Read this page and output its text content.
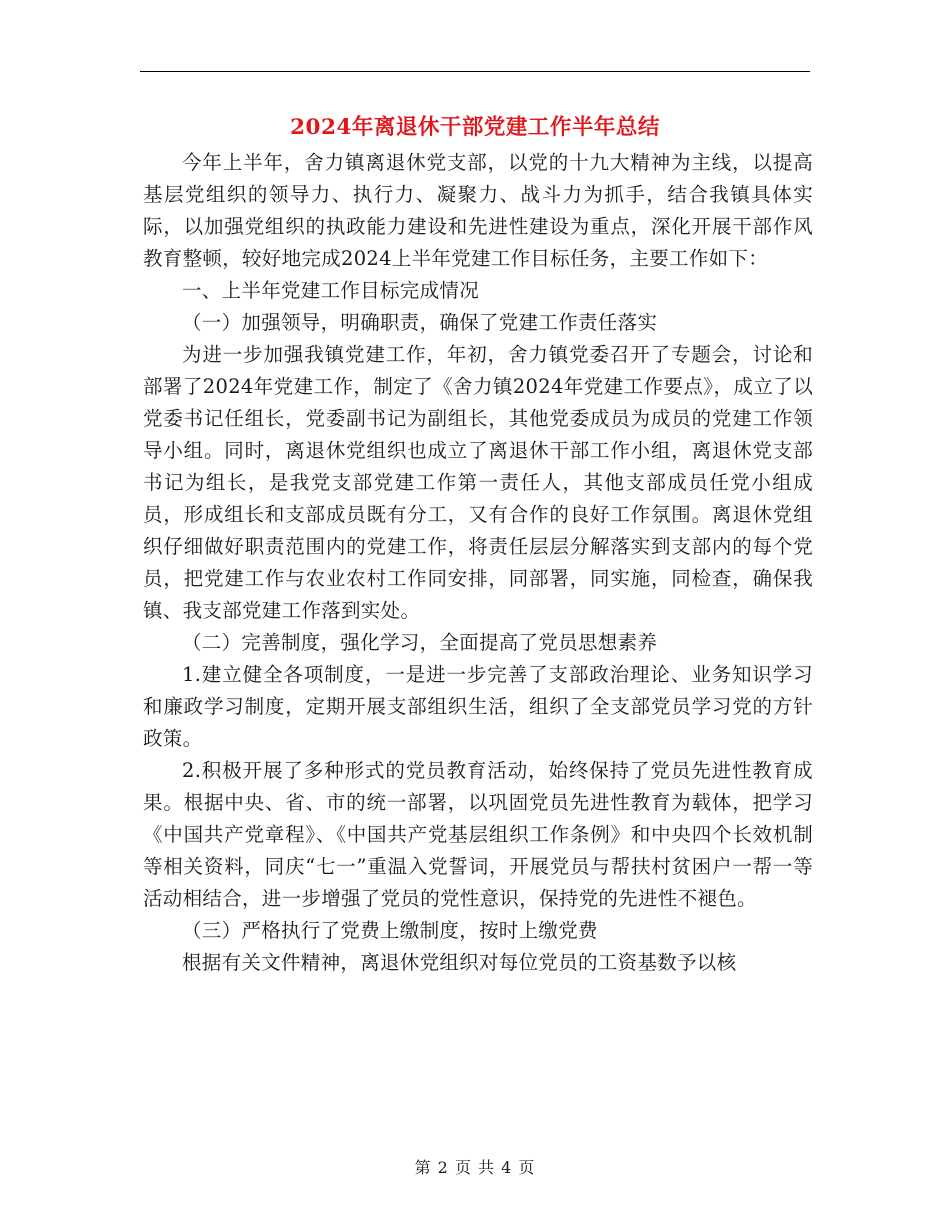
2024年离退休干部党建工作半年总结

今年上半年，舍力镇离退休党支部，以党的十九大精神为主线，以提高基层党组织的领导力、执行力、凝聚力、战斗力为抓手，结合我镇具体实际，以加强党组织的执政能力建设和先进性建设为重点，深化开展干部作风教育整顿，较好地完成2024上半年党建工作目标任务，主要工作如下：

一、上半年党建工作目标完成情况

（一）加强领导，明确职责，确保了党建工作责任落实

为进一步加强我镇党建工作，年初，舍力镇党委召开了专题会，讨论和部署了2024年党建工作，制定了《舍力镇2024年党建工作要点》，成立了以党委书记任组长，党委副书记为副组长，其他党委成员为成员的党建工作领导小组。同时，离退休党组织也成立了离退休干部工作小组，离退休党支部书记为组长，是我党支部党建工作第一责任人，其他支部成员任党小组成员，形成组长和支部成员既有分工，又有合作的良好工作氛围。离退休党组织仔细做好职责范围内的党建工作，将责任层层分解落实到支部内的每个党员，把党建工作与农业农村工作同安排，同部署，同实施，同检查，确保我镇、我支部党建工作落到实处。

（二）完善制度，强化学习，全面提高了党员思想素养

1.建立健全各项制度，一是进一步完善了支部政治理论、业务知识学习和廉政学习制度，定期开展支部组织生活，组织了全支部党员学习党的方针政策。

2.积极开展了多种形式的党员教育活动，始终保持了党员先进性教育成果。根据中央、省、市的统一部署，以巩固党员先进性教育为载体，把学习《中国共产党章程》、《中国共产党基层组织工作条例》和中央四个长效机制等相关资料，同庆“七一”重温入党誓词，开展党员与帮扶村贫困户一帮一等活动相结合，进一步增强了党员的党性意识，保持党的先进性不褪色。

（三）严格执行了党费上缴制度，按时上缴党费

根据有关文件精神，离退休党组织对每位党员的工资基数予以核

第 2 页 共 4 页
